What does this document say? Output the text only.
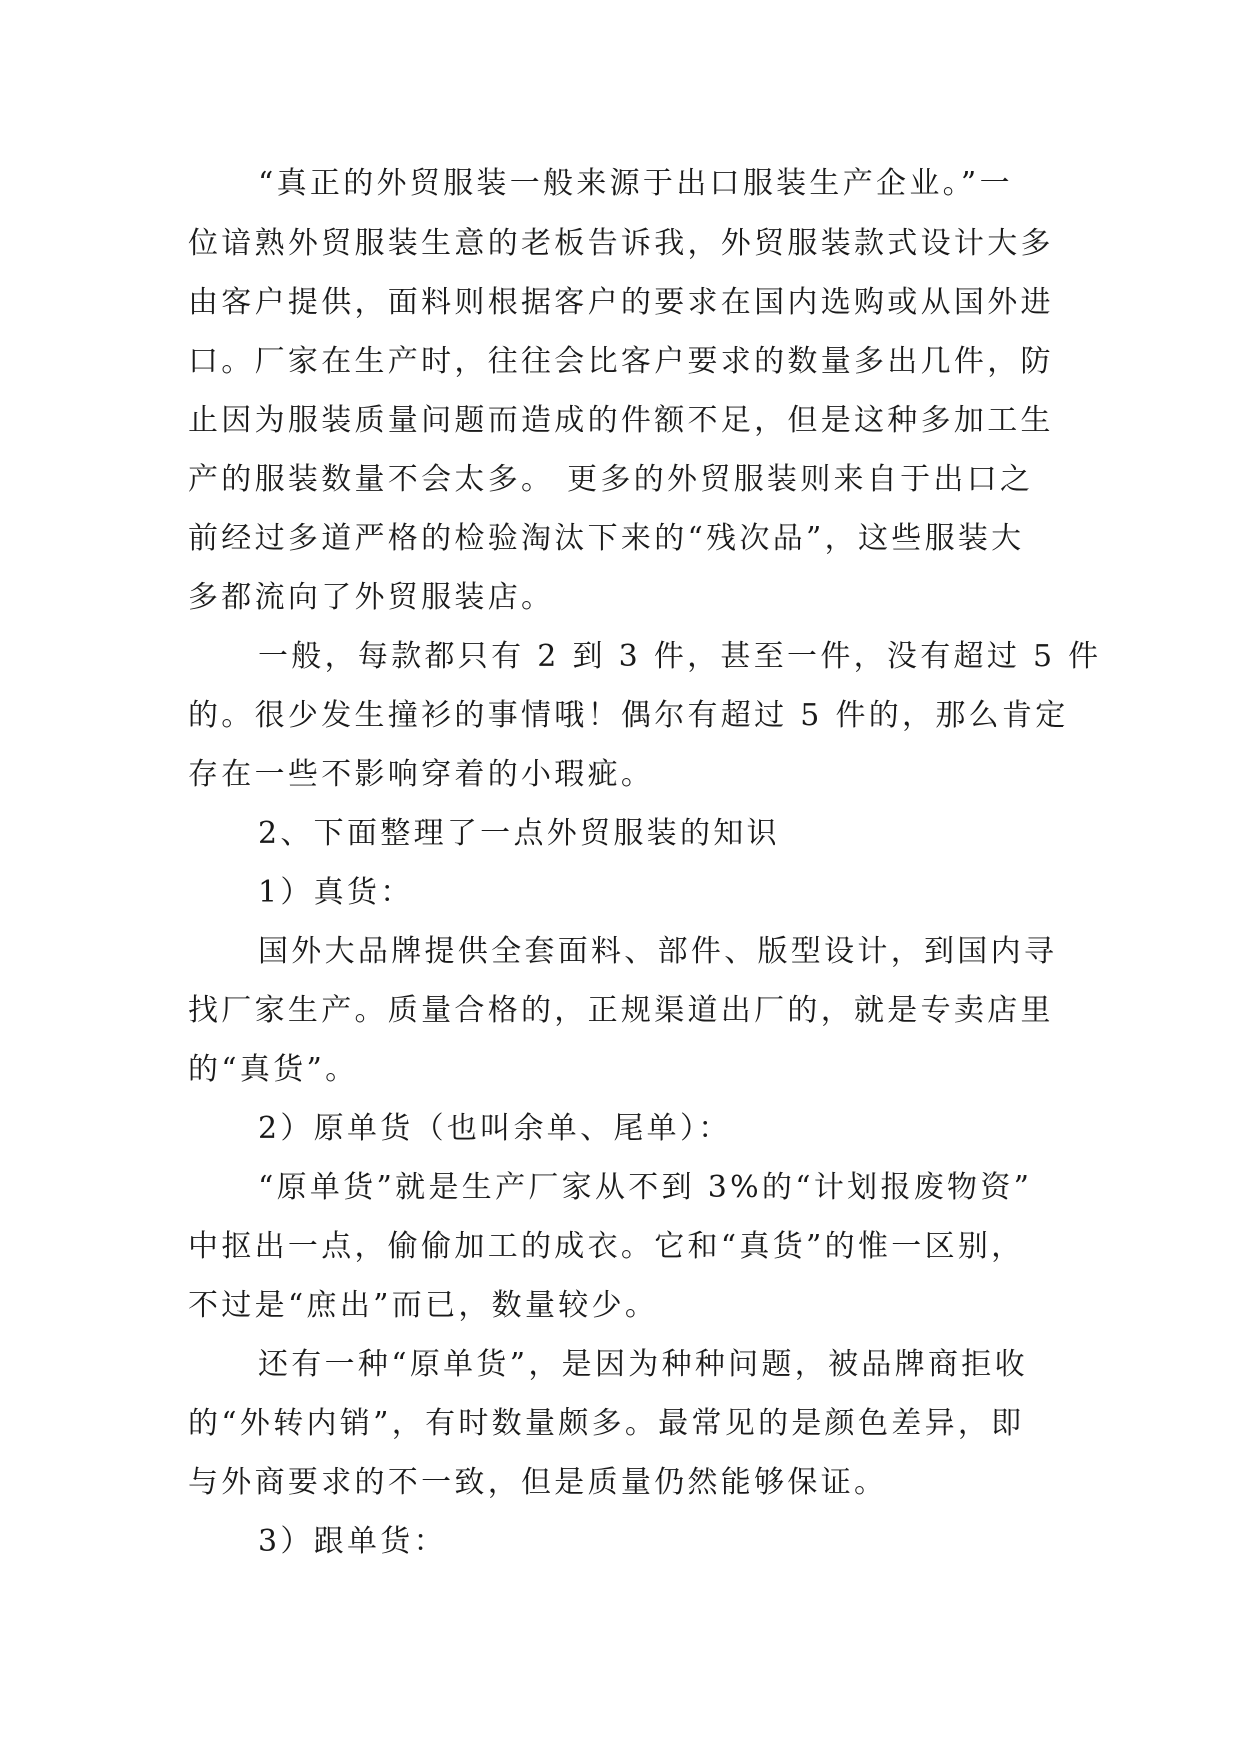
“真正的外贸服装一般来源于出口服装生产企业。”一
位谙熟外贸服装生意的老板告诉我，外贸服装款式设计大多
由客户提供，面料则根据客户的要求在国内选购或从国外进
口。厂家在生产时，往往会比客户要求的数量多出几件，防
止因为服装质量问题而造成的件额不足，但是这种多加工生
产的服装数量不会太多。 更多的外贸服装则来自于出口之
前经过多道严格的检验淘汰下来的“残次品”，这些服装大
多都流向了外贸服装店。
一般，每款都只有 2 到 3 件，甚至一件，没有超过 5 件
的。很少发生撞衫的事情哦！偶尔有超过 5 件的，那么肯定
存在一些不影响穿着的小瑕疵。
2、下面整理了一点外贸服装的知识
1）真货：
国外大品牌提供全套面料、部件、版型设计，到国内寻
找厂家生产。质量合格的，正规渠道出厂的，就是专卖店里
的“真货”。
2）原单货（也叫余单、尾单）：
“原单货”就是生产厂家从不到 3%的“计划报废物资”
中抠出一点，偷偷加工的成衣。它和“真货”的惟一区别，
不过是“庶出”而已，数量较少。
还有一种“原单货”，是因为种种问题，被品牌商拒收
的“外转内销”，有时数量颇多。最常见的是颜色差异，即
与外商要求的不一致，但是质量仍然能够保证。
3）跟单货：
